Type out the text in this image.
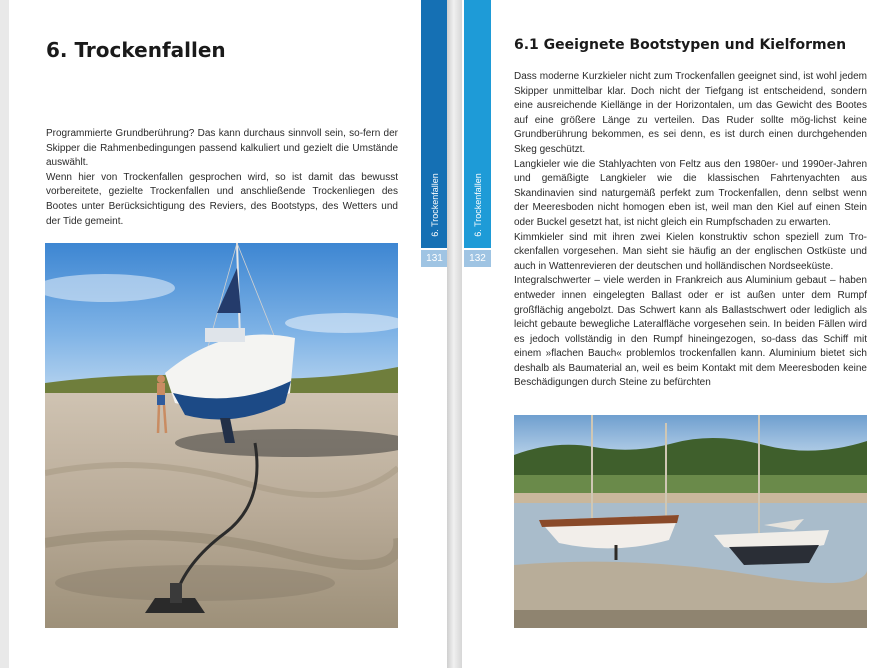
6. Trockenfallen
6. Trockenfallen
131

Programmierte Grundberührung? Das kann durchaus sinnvoll sein, so-fern der Skipper die Rahmenbedingungen passend kalkuliert und gezielt die Umstände auswählt.

Wenn hier von Trockenfallen gesprochen wird, so ist damit das bewusst vorbereitete, gezielte Trockenfallen und anschließende Trockenliegen des Bootes unter Berücksichtigung des Reviers, des Bootstyps, des Wetters und der Tide gemeint.	6. Trockenfallen
132
6.1 Geeignete Bootstypen und Kielformen

Dass moderne Kurzkieler nicht zum Trockenfallen geeignet sind, ist wohl jedem Skipper unmittelbar klar. Doch nicht der Tiefgang ist entscheidend, sondern eine ausreichende Kiellänge in der Horizontalen, um das Gewicht des Bootes auf eine größere Länge zu verteilen. Das Ruder sollte mög-lichst keine Grundberührung bekommen, es sei denn, es ist durch einen durchgehenden Skeg geschützt.

Langkieler wie die Stahlyachten von Feltz aus den 1980er- und 1990er-Jahren und gemäßigte Langkieler wie die klassischen Fahrtenyachten aus Skandinavien sind naturgemäß perfekt zum Trockenfallen, denn selbst wenn der Meeresboden nicht homogen eben ist, weil man den Kiel auf einen Stein oder Buckel gesetzt hat, ist nicht gleich ein Rumpfschaden zu erwarten.

Kimmkieler sind mit ihren zwei Kielen konstruktiv schon speziell zum Tro-ckenfallen vorgesehen. Man sieht sie häufig an der englischen Ostküste und auch in Wattenrevieren der deutschen und holländischen Nordseeküste.

Integralschwerter – viele werden in Frankreich aus Aluminium gebaut – haben entweder innen eingelegten Ballast oder er ist außen unter dem Rumpf großflächig angebolzt. Das Schwert kann als Ballastschwert oder lediglich als leicht gebaute bewegliche Lateralfläche vorgesehen sein. In beiden Fällen wird es jedoch vollständig in den Rumpf hineingezogen, so-dass das Schiff mit einem »flachen Bauch« problemlos trockenfallen kann. Aluminium bietet sich deshalb als Baumaterial an, weil es beim Kontakt mit dem Meeresboden keine Beschädigungen durch Steine zu befürchten
